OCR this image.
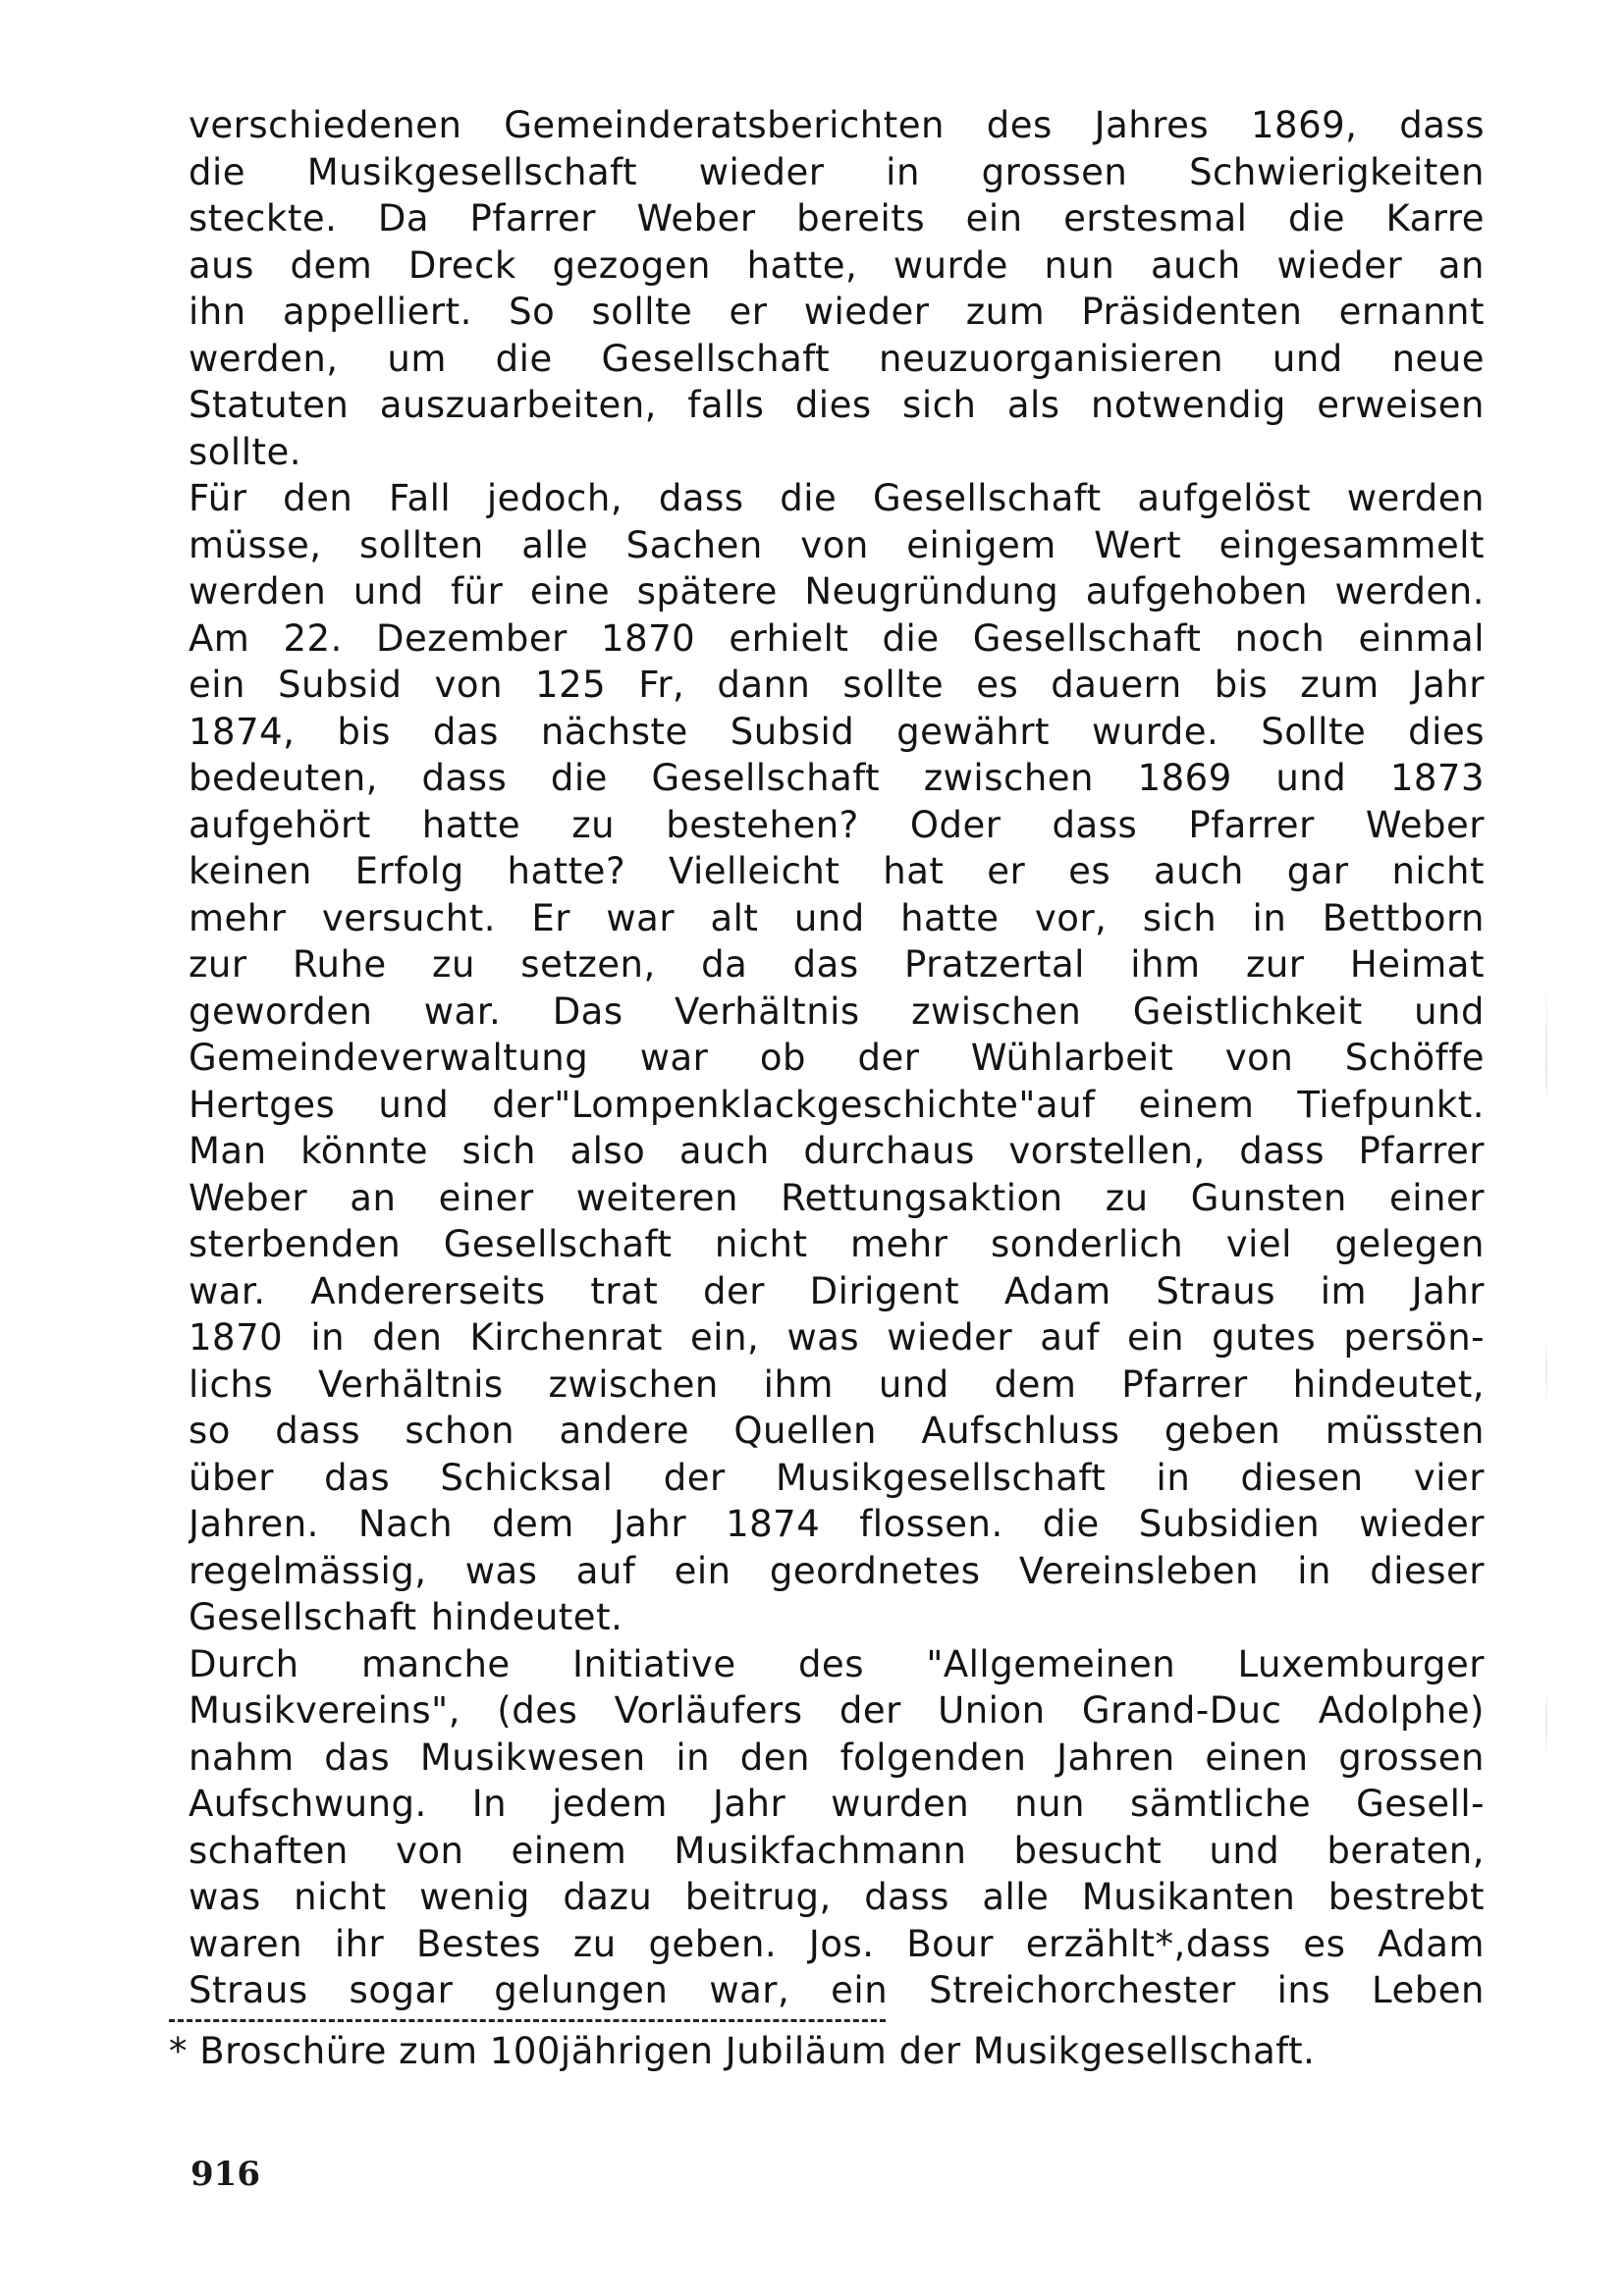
verschiedenen Gemeinderatsberichten des Jahres 1869, dass
die Musikgesellschaft wieder in grossen Schwierigkeiten
steckte. Da Pfarrer Weber bereits ein erstesmal die Karre
aus dem Dreck gezogen hatte, wurde nun auch wieder an
ihn appelliert. So sollte er wieder zum Präsidenten ernannt
werden, um die Gesellschaft neuzuorganisieren und neue
Statuten auszuarbeiten, falls dies sich als notwendig erweisen
sollte.
Für den Fall jedoch, dass die Gesellschaft aufgelöst werden
müsse, sollten alle Sachen von einigem Wert eingesammelt
werden und für eine spätere Neugründung aufgehoben werden.
Am 22. Dezember 1870 erhielt die Gesellschaft noch einmal
ein Subsid von 125 Fr, dann sollte es dauern bis zum Jahr
1874, bis das nächste Subsid gewährt wurde. Sollte dies
bedeuten, dass die Gesellschaft zwischen 1869 und 1873
aufgehört hatte zu bestehen? Oder dass Pfarrer Weber
keinen Erfolg hatte? Vielleicht hat er es auch gar nicht
mehr versucht. Er war alt und hatte vor, sich in Bettborn
zur Ruhe zu setzen, da das Pratzertal ihm zur Heimat
geworden war. Das Verhältnis zwischen Geistlichkeit und
Gemeindeverwaltung war ob der Wühlarbeit von Schöffe
Hertges und der"Lompenklackgeschichte"auf einem Tiefpunkt.
Man könnte sich also auch durchaus vorstellen, dass Pfarrer
Weber an einer weiteren Rettungsaktion zu Gunsten einer
sterbenden Gesellschaft nicht mehr sonderlich viel gelegen
war. Andererseits trat der Dirigent Adam Straus im Jahr
1870 in den Kirchenrat ein, was wieder auf ein gutes persön-
lichs Verhältnis zwischen ihm und dem Pfarrer hindeutet,
so dass schon andere Quellen Aufschluss geben müssten
über das Schicksal der Musikgesellschaft in diesen vier
Jahren. Nach dem Jahr 1874 flossen. die Subsidien wieder
regelmässig, was auf ein geordnetes Vereinsleben in dieser
Gesellschaft hindeutet.
Durch manche Initiative des "Allgemeinen Luxemburger
Musikvereins", (des Vorläufers der Union Grand-Duc Adolphe)
nahm das Musikwesen in den folgenden Jahren einen grossen
Aufschwung. In jedem Jahr wurden nun sämtliche Gesell-
schaften von einem Musikfachmann besucht und beraten,
was nicht wenig dazu beitrug, dass alle Musikanten bestrebt
waren ihr Bestes zu geben. Jos. Bour erzählt*,dass es Adam
Straus sogar gelungen war, ein Streichorchester ins Leben
* Broschüre zum 100jährigen Jubiläum der Musikgesellschaft.
916
